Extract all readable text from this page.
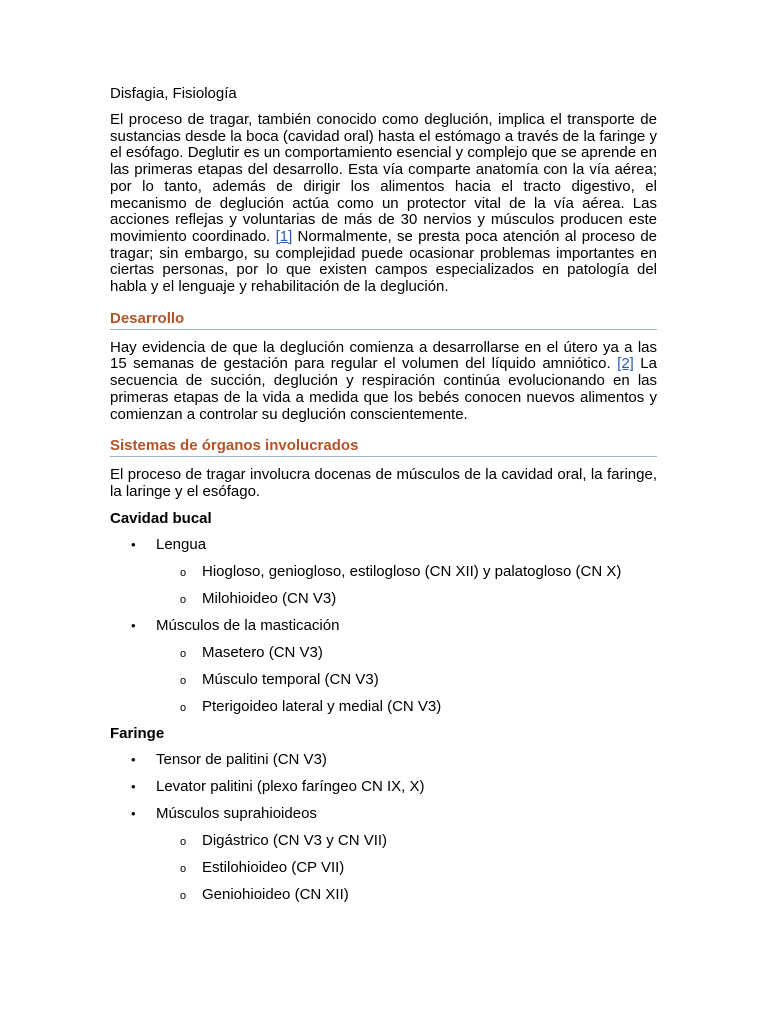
Disfagia, Fisiología

El proceso de tragar, también conocido como deglución, implica el transporte de sustancias desde la boca (cavidad oral) hasta el estómago a través de la faringe y el esófago. Deglutir es un comportamiento esencial y complejo que se aprende en las primeras etapas del desarrollo. Esta vía comparte anatomía con la vía aérea; por lo tanto, además de dirigir los alimentos hacia el tracto digestivo, el mecanismo de deglución actúa como un protector vital de la vía aérea. Las acciones reflejas y voluntarias de más de 30 nervios y músculos producen este movimiento coordinado. [1] Normalmente, se presta poca atención al proceso de tragar; sin embargo, su complejidad puede ocasionar problemas importantes en ciertas personas, por lo que existen campos especializados en patología del habla y el lenguaje y rehabilitación de la deglución.

Desarrollo

Hay evidencia de que la deglución comienza a desarrollarse en el útero ya a las 15 semanas de gestación para regular el volumen del líquido amniótico. [2] La secuencia de succión, deglución y respiración continúa evolucionando en las primeras etapas de la vida a medida que los bebés conocen nuevos alimentos y comienzan a controlar su deglución conscientemente.

Sistemas de órganos involucrados

El proceso de tragar involucra docenas de músculos de la cavidad oral, la faringe, la laringe y el esófago.

Cavidad bucal
• Lengua
o Hiogloso, geniogloso, estilogloso (CN XII) y palatogloso (CN X)
o Milohioideo (CN V3)
• Músculos de la masticación
o Masetero (CN V3)
o Músculo temporal (CN V3)
o Pterigoideo lateral y medial (CN V3)
Faringe
• Tensor de palitini (CN V3)
• Levator palitini (plexo faríngeo CN IX, X)
• Músculos suprahioideos
o Digástrico (CN V3 y CN VII)
o Estilohioideo (CP VII)
o Geniohioideo (CN XII)
